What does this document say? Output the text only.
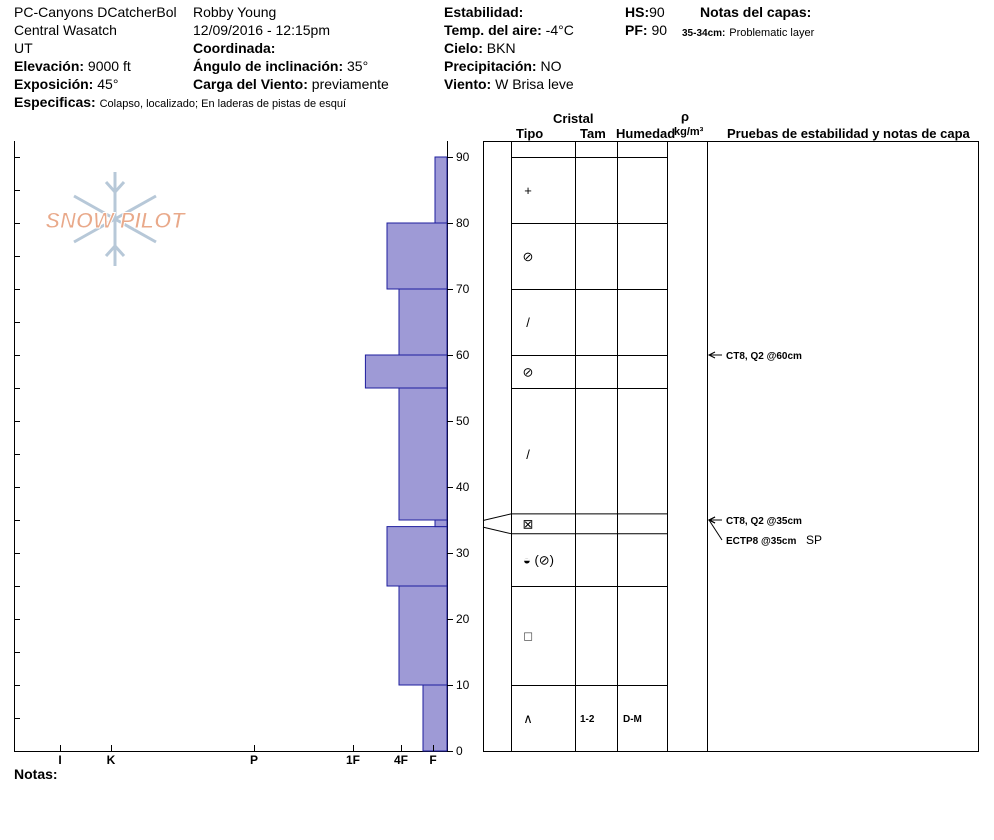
PC-Canyons DCatcherBol
Central Wasatch
UT
Elevación: 9000 ft
Exposición: 45°
Especificas: Colapso, localizado; En laderas de pistas de esquí
Robby Young
12/09/2016 - 12:15pm
Coordinada:
Ángulo de inclinación: 35°
Carga del Viento: previamente
Estabilidad:
Temp. del aire: -4°C
Cielo: BKN
Precipitación: NO
Viento: W Brisa leve
HS:90
PF: 90
Notas del capas:
35-34cm: Problematic layer
Notas:
Cristal
Tipo	Tam Humedad
ρ
kg/m³ Pruebas de estabilidad y notas de capa
SNOW PILOT
I	K	P	1F	4F F
0
10
20
30
40
50
60
70
80
90
+
⊘
/
⊘
/
⊠
◒ (⊘)
□
∧	1-2	D-M
CT8, Q2 @60cm
CT8, Q2 @35cm
ECTP8 @35cm SP
